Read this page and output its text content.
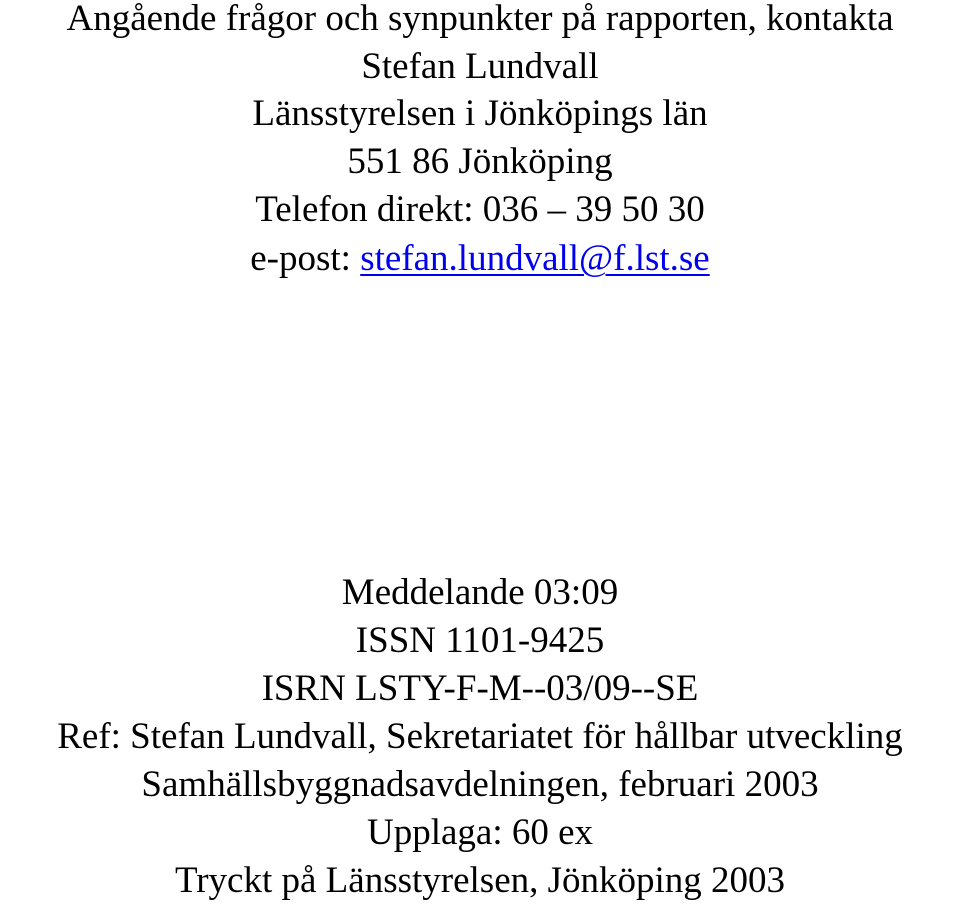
Angående frågor och synpunkter på rapporten, kontakta
Stefan Lundvall
Länsstyrelsen i Jönköpings län
551 86 Jönköping
Telefon direkt: 036 – 39 50 30
e-post: stefan.lundvall@f.lst.se
Meddelande 03:09
ISSN 1101-9425
ISRN LSTY-F-M--03/09--SE
Ref: Stefan Lundvall, Sekretariatet för hållbar utveckling
Samhällsbyggnadsavdelningen, februari 2003
Upplaga: 60 ex
Tryckt på Länsstyrelsen, Jönköping 2003
